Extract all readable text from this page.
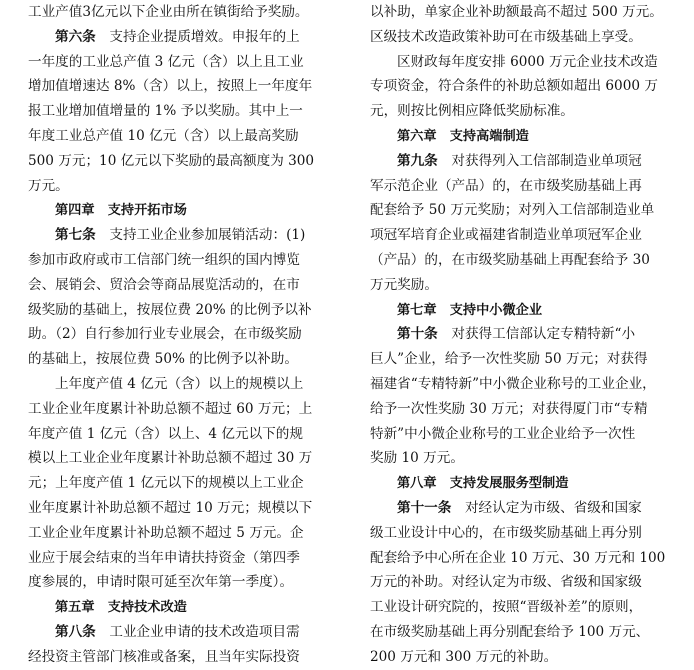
工业产值3亿元以下企业由所在镇街给予奖励。
第六条　支持企业提质增效。申报年的上
一年度的工业总产值 3 亿元（含）以上且工业
增加值增速达 8%（含）以上，按照上一年度年
报工业增加值增量的 1% 予以奖励。其中上一
年度工业总产值 10 亿元（含）以上最高奖励
500 万元；10 亿元以下奖励的最高额度为 300
万元。
第四章　支持开拓市场
第七条　支持工业企业参加展销活动：(1)
参加市政府或市工信部门统一组织的国内博览
会、展销会、贸洽会等商品展览活动的，在市
级奖励的基础上，按展位费 20% 的比例予以补
助。（2）自行参加行业专业展会，在市级奖励
的基础上，按展位费 50% 的比例予以补助。
上年度产值 4 亿元（含）以上的规模以上
工业企业年度累计补助总额不超过 60 万元；上
年度产值 1 亿元（含）以上、4 亿元以下的规
模以上工业企业年度累计补助总额不超过 30 万
元；上年度产值 1 亿元以下的规模以上工业企
业年度累计补助总额不超过 10 万元；规模以下
工业企业年度累计补助总额不超过 5 万元。企
业应于展会结束的当年申请扶持资金（第四季
度参展的，申请时限可延至次年第一季度）。
第五章　支持技术改造
第八条　工业企业申请的技术改造项目需
经投资主管部门核准或备案，且当年实际投资
以补助，单家企业补助额最高不超过 500 万元。
区级技术改造政策补助可在市级基础上享受。
区财政每年度安排 6000 万元企业技术改造
专项资金，符合条件的补助总额如超出 6000 万
元，则按比例相应降低奖励标准。
第六章　支持高端制造
第九条　对获得列入工信部制造业单项冠
军示范企业（产品）的，在市级奖励基础上再
配套给予 50 万元奖励；对列入工信部制造业单
项冠军培育企业或福建省制造业单项冠军企业
（产品）的，在市级奖励基础上再配套给予 30
万元奖励。
第七章　支持中小微企业
第十条　对获得工信部认定专精特新“小
巨人”企业，给予一次性奖励 50 万元；对获得
福建省“专精特新”中小微企业称号的工业企业，
给予一次性奖励 30 万元；对获得厦门市“专精
特新”中小微企业称号的工业企业给予一次性
奖励 10 万元。
第八章　支持发展服务型制造
第十一条　对经认定为市级、省级和国家
级工业设计中心的，在市级奖励基础上再分别
配套给予中心所在企业 10 万元、30 万元和 100
万元的补助。对经认定为市级、省级和国家级
工业设计研究院的，按照“晋级补差”的原则，
在市级奖励基础上再分别配套给予 100 万元、
200 万元和 300 万元的补助。
